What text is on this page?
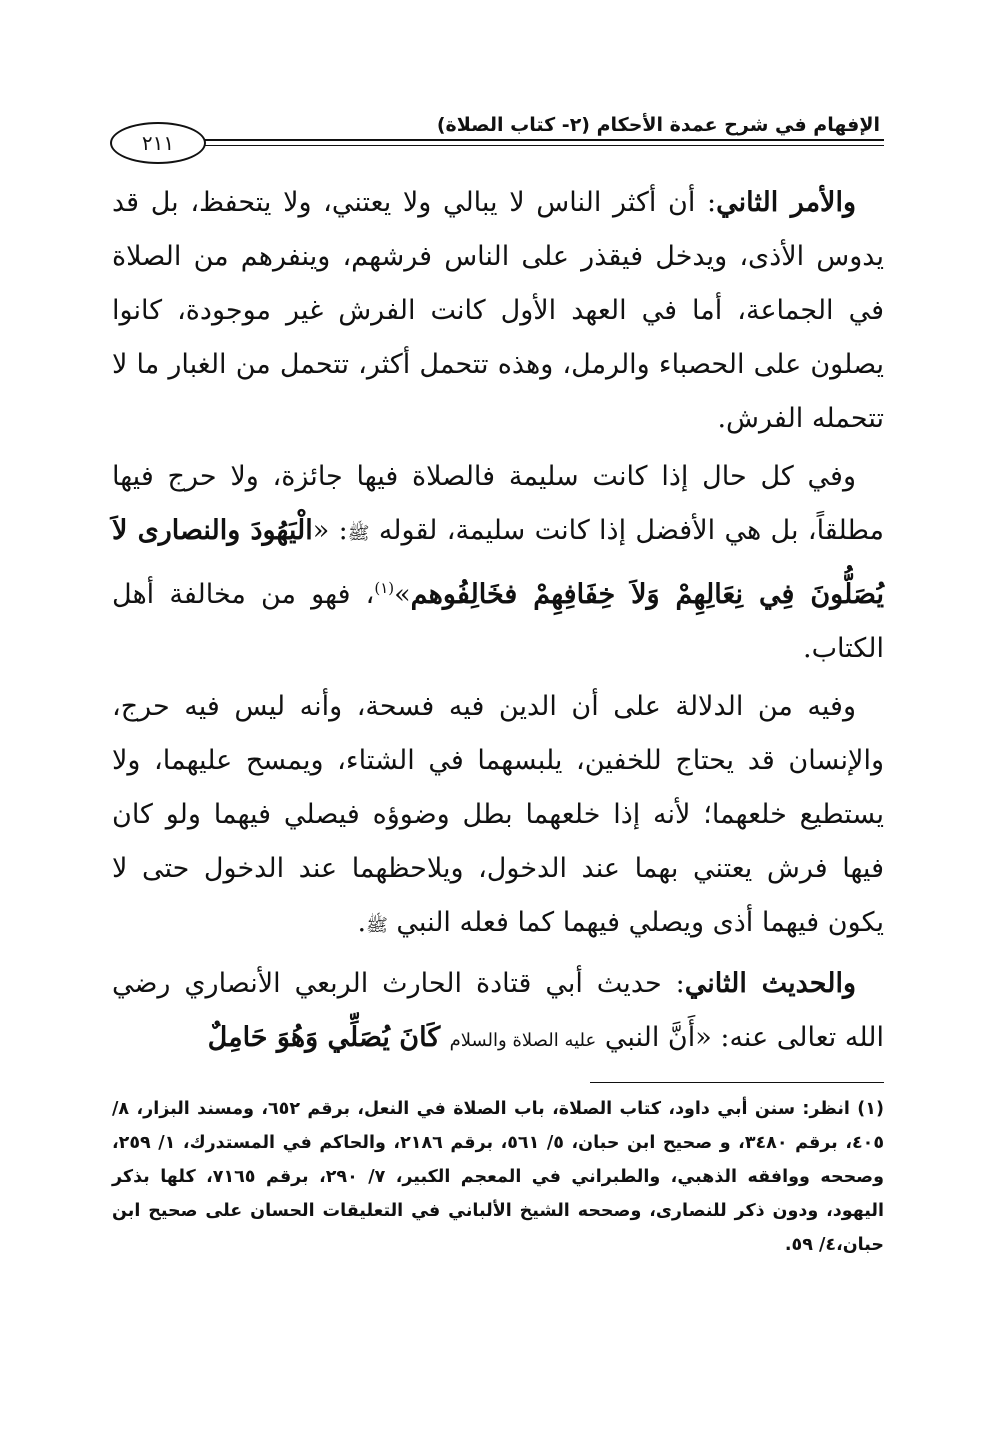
الإفهام في شرح عمدة الأحكام (٢- كتاب الصلاة)
٢١١

والأمر الثاني: أن أكثر الناس لا يبالي ولا يعتني، ولا يتحفظ، بل قد يدوس الأذى، ويدخل فيقذر على الناس فرشهم، وينفرهم من الصلاة في الجماعة، أما في العهد الأول كانت الفرش غير موجودة، كانوا يصلون على الحصباء والرمل، وهذه تتحمل أكثر، تتحمل من الغبار ما لا تتحمله الفرش.

وفي كل حال إذا كانت سليمة فالصلاة فيها جائزة، ولا حرج فيها مطلقاً، بل هي الأفضل إذا كانت سليمة، لقوله ﷺ: «الْيَهُودَ والنصارى لاَ يُصَلُّونَ فِي نِعَالِهِمْ وَلاَ خِفَافِهِمْ فخَالِفُوهم»$^{(١)}$، فهو من مخالفة أهل الكتاب.

وفيه من الدلالة على أن الدين فيه فسحة، وأنه ليس فيه حرج، والإنسان قد يحتاج للخفين، يلبسهما في الشتاء، ويمسح عليهما، ولا يستطيع خلعهما؛ لأنه إذا خلعهما بطل وضوؤه فيصلي فيهما ولو كان فيها فرش يعتني بهما عند الدخول، ويلاحظهما عند الدخول حتى لا يكون فيهما أذى ويصلي فيهما كما فعله النبي ﷺ.

والحديث الثاني: حديث أبي قتادة الحارث الربعي الأنصاري رضي الله تعالى عنه: «أَنَّ النبي عليه الصلاة والسلام كَانَ يُصَلِّي وَهُوَ حَامِلٌ

(١) انظر: سنن أبي داود، كتاب الصلاة، باب الصلاة في النعل، برقم ٦٥٢، ومسند البزار، ٨/ ٤٠٥، برقم ٣٤٨٠، و صحيح ابن حبان، ٥/ ٥٦١، برقم ٢١٨٦، والحاكم في المستدرك، ١/ ٢٥٩، وصححه ووافقه الذهبي، والطبراني في المعجم الكبير، ٧/ ٢٩٠، برقم ٧١٦٥، كلها بذكر اليهود، ودون ذكر للنصارى، وصححه الشيخ الألباني في التعليقات الحسان على صحيح ابن حبان،٤/ ٥٩.
